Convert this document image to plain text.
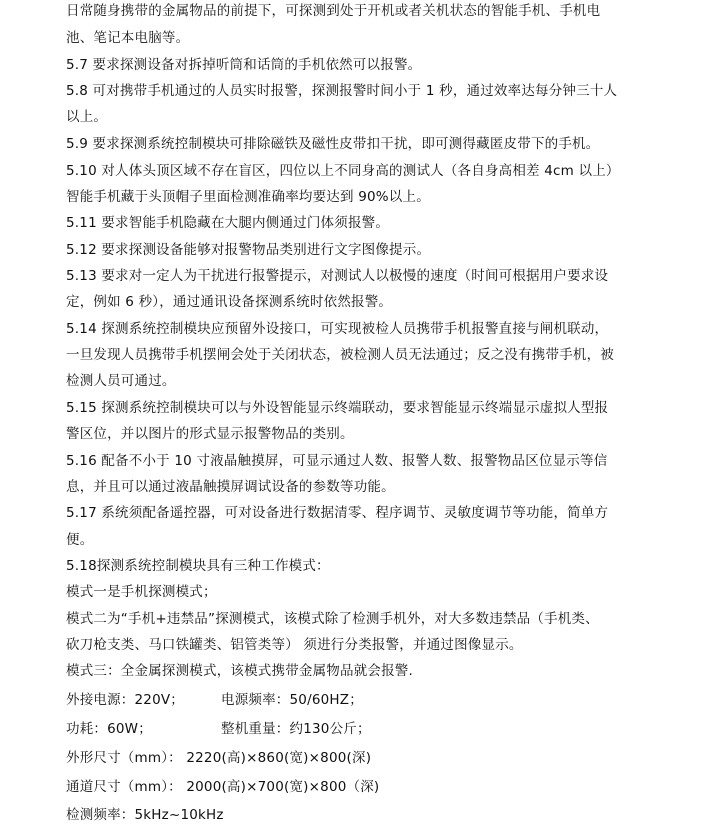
日常随身携带的金属物品的前提下，可探测到处于开机或者关机状态的智能手机、手机电
池、笔记本电脑等。
5.7 要求探测设备对拆掉听筒和话筒的手机依然可以报警。
5.8 可对携带手机通过的人员实时报警，探测报警时间小于 1 秒，通过效率达每分钟三十人
以上。
5.9 要求探测系统控制模块可排除磁铁及磁性皮带扣干扰，即可测得藏匿皮带下的手机。
5.10 对人体头顶区域不存在盲区，四位以上不同身高的测试人（各自身高相差 4cm 以上）
智能手机藏于头顶帽子里面检测准确率均要达到 90%以上。
5.11 要求智能手机隐藏在大腿内侧通过门体须报警。
5.12 要求探测设备能够对报警物品类别进行文字图像提示。
5.13 要求对一定人为干扰进行报警提示，对测试人以极慢的速度（时间可根据用户要求设
定，例如 6 秒），通过通讯设备探测系统时依然报警。
5.14 探测系统控制模块应预留外设接口，可实现被检人员携带手机报警直接与闸机联动，
一旦发现人员携带手机摆闸会处于关闭状态，被检测人员无法通过；反之没有携带手机，被
检测人员可通过。
5.15 探测系统控制模块可以与外设智能显示终端联动，要求智能显示终端显示虚拟人型报
警区位，并以图片的形式显示报警物品的类别。
5.16 配备不小于 10 寸液晶触摸屏，可显示通过人数、报警人数、报警物品区位显示等信
息，并且可以通过液晶触摸屏调试设备的参数等功能。
5.17 系统须配备遥控器，可对设备进行数据清零、程序调节、灵敏度调节等功能，简单方
便。
5.18探测系统控制模块具有三种工作模式：
模式一是手机探测模式；
模式二为“手机+违禁品”探测模式，该模式除了检测手机外，对大多数违禁品（手机类、
砍刀枪支类、马口铁罐类、铝管类等） 须进行分类报警，并通过图像显示。
模式三：全金属探测模式，该模式携带金属物品就会报警.
外接电源：220V；	电源频率：50/60HZ；
功耗：60W；	整机重量：约130公斤；
外形尺寸（mm）： 2220(高)×860(宽)×800(深)
通道尺寸（mm）： 2000(高)×700(宽)×800（深)
检测频率：5kHz~10kHz
